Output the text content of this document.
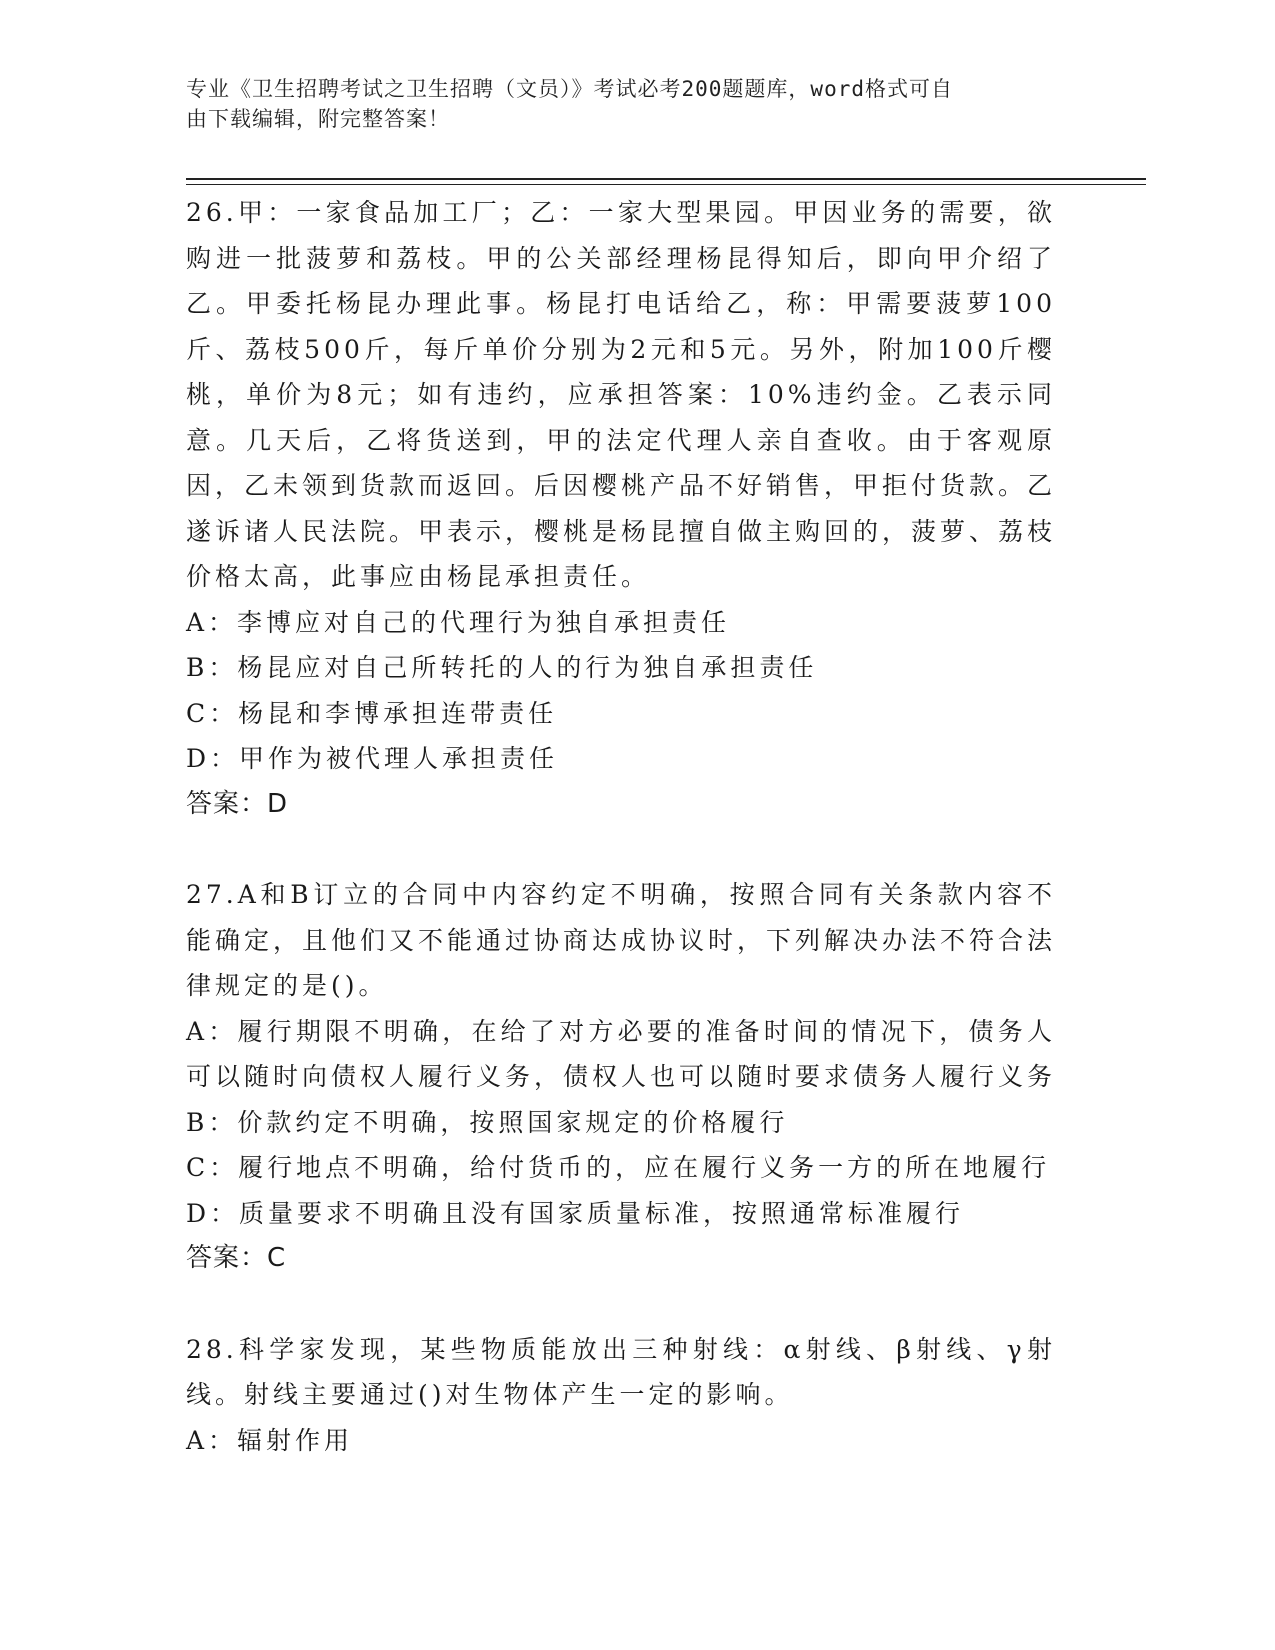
专业《卫生招聘考试之卫生招聘（文员）》考试必考200题题库，word格式可自
由下载编辑，附完整答案！

26.甲：一家食品加工厂；乙：一家大型果园。甲因业务的需要，欲购进一批菠萝和荔枝。甲的公关部经理杨昆得知后，即向甲介绍了乙。甲委托杨昆办理此事。杨昆打电话给乙，称：甲需要菠萝100斤、荔枝500斤，每斤单价分别为2元和5元。另外，附加100斤樱桃，单价为8元；如有违约，应承担答案：10%违约金。乙表示同意。几天后，乙将货送到，甲的法定代理人亲自查收。由于客观原因，乙未领到货款而返回。后因樱桃产品不好销售，甲拒付货款。乙遂诉诸人民法院。甲表示，樱桃是杨昆擅自做主购回的，菠萝、荔枝价格太高，此事应由杨昆承担责任。

A：李博应对自己的代理行为独自承担责任

B：杨昆应对自己所转托的人的行为独自承担责任

C：杨昆和李博承担连带责任

D：甲作为被代理人承担责任

答案：D

27.A和B订立的合同中内容约定不明确，按照合同有关条款内容不能确定，且他们又不能通过协商达成协议时，下列解决办法不符合法律规定的是()。

A：履行期限不明确，在给了对方必要的准备时间的情况下，债务人可以随时向债权人履行义务，债权人也可以随时要求债务人履行义务

B：价款约定不明确，按照国家规定的价格履行

C：履行地点不明确，给付货币的，应在履行义务一方的所在地履行

D：质量要求不明确且没有国家质量标准，按照通常标准履行

答案：C

28.科学家发现，某些物质能放出三种射线：α射线、β射线、γ射线。射线主要通过()对生物体产生一定的影响。

A：辐射作用
